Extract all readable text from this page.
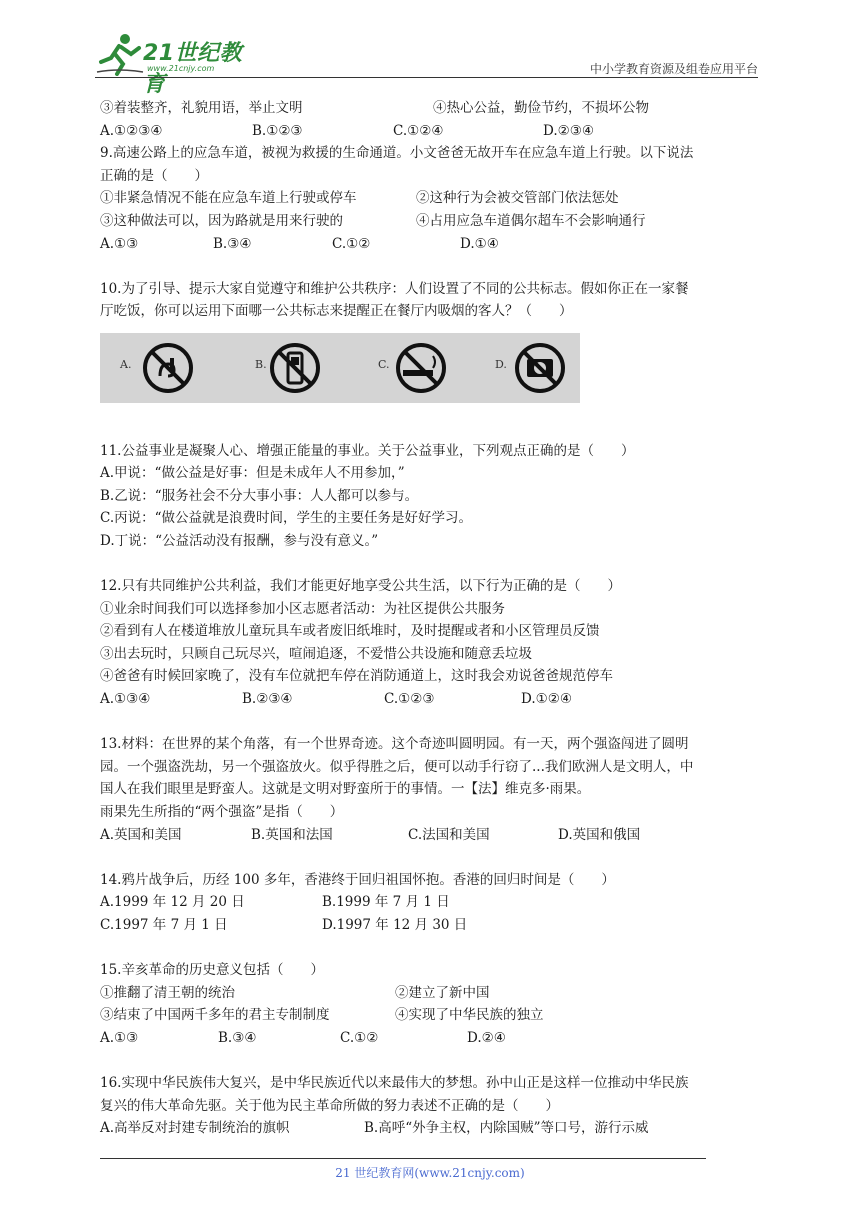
21世纪教育
www.21cnjy.com	中小学教育资源及组卷应用平台
③着装整齐，礼貌用语，举止文明	④热心公益，勤俭节约，不损坏公物
A.①②③④	B.①②③	C.①②④	D.②③④
9.高速公路上的应急车道，被视为救援的生命通道。小文爸爸无故开车在应急车道上行驶。以下说法
正确的是（　　）
①非紧急情况不能在应急车道上行驶或停车	②这种行为会被交管部门依法惩处
③这种做法可以，因为路就是用来行驶的	④占用应急车道偶尔超车不会影响通行
A.①③	B.③④	C.①②	D.①④
10.为了引导、提示大家自觉遵守和维护公共秩序：人们设置了不同的公共标志。假如你正在一家餐
厅吃饭，你可以运用下面哪一公共标志来提醒正在餐厅内吸烟的客人？（　　）
A.	B.	C.	D.
11.公益事业是凝聚人心、增强正能量的事业。关于公益事业，下列观点正确的是（　　）
A.甲说：“做公益是好事：但是未成年人不用参加，”
B.乙说：“服务社会不分大事小事：人人都可以参与。
C.丙说：“做公益就是浪费时间，学生的主要任务是好好学习。
D.丁说：“公益活动没有报酬，参与没有意义。”
12.只有共同维护公共利益，我们才能更好地享受公共生活，以下行为正确的是（　　）
①业余时间我们可以选择参加小区志愿者活动：为社区提供公共服务
②看到有人在楼道堆放儿童玩具车或者废旧纸堆时，及时提醒或者和小区管理员反馈
③出去玩时，只顾自己玩尽兴，喧闹追逐，不爱惜公共设施和随意丢垃圾
④爸爸有时候回家晚了，没有车位就把车停在消防通道上，这时我会劝说爸爸规范停车
A.①③④	B.②③④	C.①②③	D.①②④
13.材料：在世界的某个角落，有一个世界奇迹。这个奇迹叫圆明园。有一天，两个强盗闯进了圆明
园。一个强盗洗劫，另一个强盗放火。似乎得胜之后，便可以动手行窃了...我们欧洲人是文明人，中
国人在我们眼里是野蛮人。这就是文明对野蛮所于的事情。一【法】维克多·雨果。
雨果先生所指的“两个强盗”是指（　　）
A.英国和美国	B.英国和法国	C.法国和美国	D.英国和俄国
14.鸦片战争后，历经 100 多年，香港终于回归祖国怀抱。香港的回归时间是（　　）
A.1999 年 12 月 20 日	B.1999 年 7 月 1 日
C.1997 年 7 月 1 日	D.1997 年 12 月 30 日
15.辛亥革命的历史意义包括（　　）
①推翻了清王朝的统治	②建立了新中国
③结束了中国两千多年的君主专制制度	④实现了中华民族的独立
A.①③	B.③④	C.①②	D.②④
16.实现中华民族伟大复兴，是中华民族近代以来最伟大的梦想。孙中山正是这样一位推动中华民族
复兴的伟大革命先驱。关于他为民主革命所做的努力表述不正确的是（　　）
A.高举反对封建专制统治的旗帜	B.高呼“外争主权，内除国贼”等口号，游行示威
21 世纪教育网(www.21cnjy.com)
